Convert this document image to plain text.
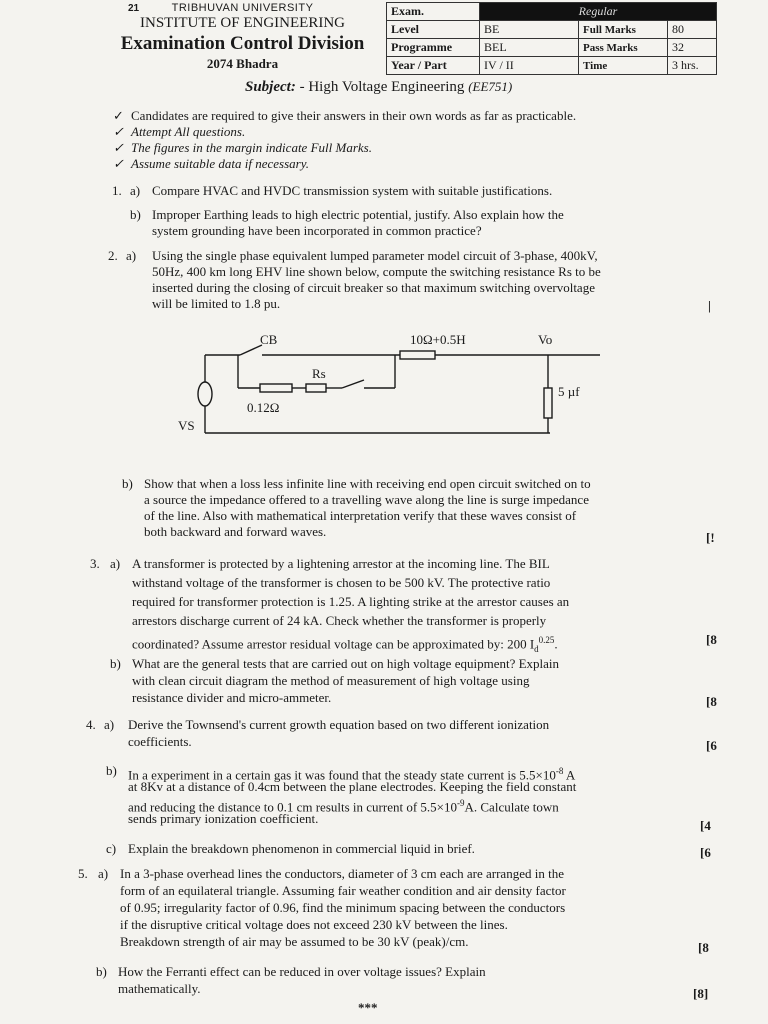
21	TRIBHUVAN UNIVERSITY
INSTITUTE OF ENGINEERING
Examination Control Division
2074 Bhadra
Exam.	Regular		
Level	BE	Full Marks	80
Programme	BEL	Pass Marks	32
Year / Part	IV / II	Time	3 hrs.
Subject: - High Voltage Engineering (EE751)
✓ Candidates are required to give their answers in their own words as far as practicable.
✓ Attempt All questions.
✓ The figures in the margin indicate Full Marks.
✓ Assume suitable data if necessary.
1. a) Compare HVAC and HVDC transmission system with suitable justifications.
b) Improper Earthing leads to high electric potential, justify. Also explain how the
system grounding have been incorporated in common practice?
2. a) Using the single phase equivalent lumped parameter model circuit of 3-phase, 400kV,
50Hz, 400 km long EHV line shown below, compute the switching resistance Rs to be
inserted during the closing of circuit breaker so that maximum switching overvoltage
will be limited to 1.8 pu.	|
CB	10Ω+0.5H	Vo
Rs
0.12Ω
5 µf
VS
b) Show that when a loss less infinite line with receiving end open circuit switched on to
a source the impedance offered to a travelling wave along the line is surge impedance
of the line. Also with mathematical interpretation verify that these waves consist of
both backward and forward waves.	[!
3. a) A transformer is protected by a lightening arrestor at the incoming line. The BIL
withstand voltage of the transformer is chosen to be 500 kV. The protective ratio
required for transformer protection is 1.25. A lighting strike at the arrestor causes an
arrestors discharge current of 24 kA. Check whether the transformer is properly
coordinated? Assume arrestor residual voltage can be approximated by: 200 $I_d^{0.25}$.	[8
b) What are the general tests that are carried out on high voltage equipment? Explain
with clean circuit diagram the method of measurement of high voltage using
resistance divider and micro-ammeter.	[8
4. a) Derive the Townsend's current growth equation based on two different ionization
coefficients.	[6
b) In a experiment in a certain gas it was found that the steady state current is $5.5\times 10^{-8}$ A
at 8Kv at a distance of 0.4cm between the plane electrodes. Keeping the field constant
and reducing the distance to 0.1 cm results in current of $5.5\times 10^{-9}A$. Calculate town
sends primary ionization coefficient.	[4
c) Explain the breakdown phenomenon in commercial liquid in brief.	[6
5. a) In a 3-phase overhead lines the conductors, diameter of 3 cm each are arranged in the
form of an equilateral triangle. Assuming fair weather condition and air density factor
of 0.95; irregularity factor of 0.96, find the minimum spacing between the conductors
if the disruptive critical voltage does not exceed 230 kV between the lines.
Breakdown strength of air may be assumed to be 30 kV (peak)/cm.	[8
b) How the Ferranti effect can be reduced in over voltage issues? Explain
mathematically.	[8]
***
